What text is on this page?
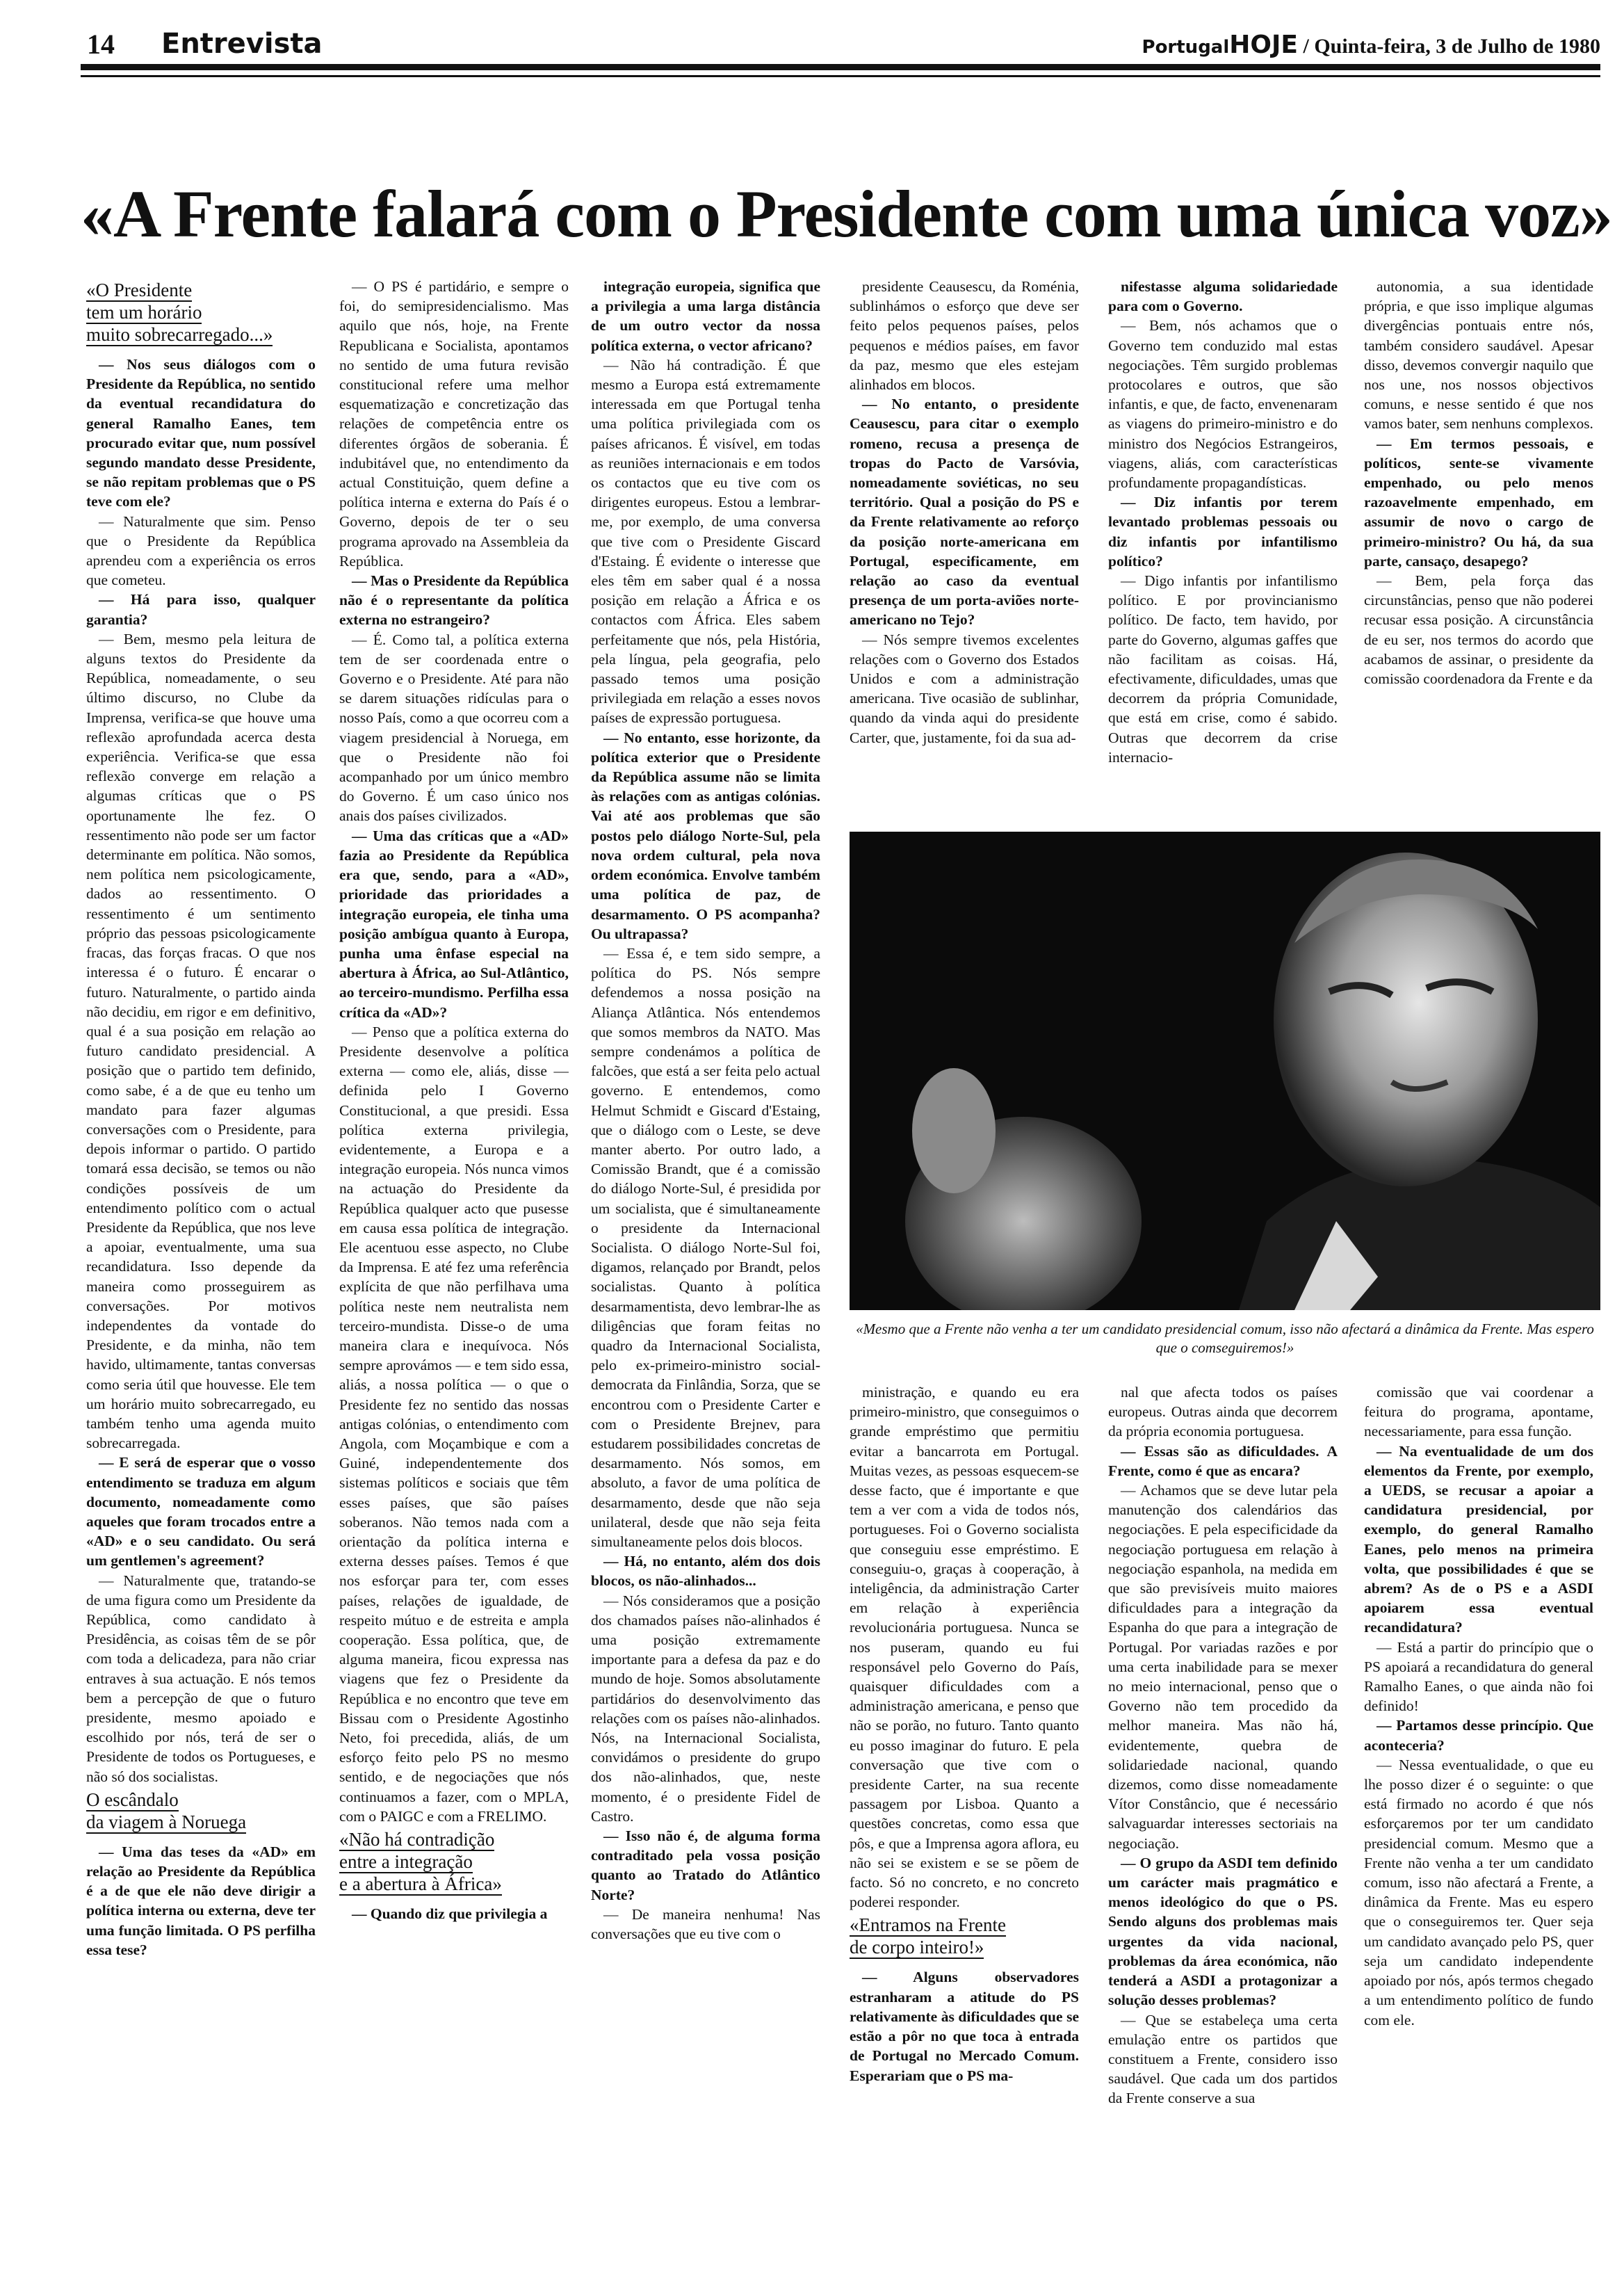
14 Entrevista	PortugalHOJE / Quinta-feira, 3 de Julho de 1980
«A Frente falará com o Presidente com uma única voz»
«O Presidente
tem um horário
muito sobrecarregado...»

— Nos seus diálogos com o Presidente da República, no sentido da eventual recandidatura do general Ramalho Eanes, tem procurado evitar que, num possível segundo mandato desse Presidente, se não repitam problemas que o PS teve com ele?

— Naturalmente que sim. Penso que o Presidente da República aprendeu com a experiência os erros que cometeu.

— Há para isso, qualquer garantia?

— Bem, mesmo pela leitura de alguns textos do Presidente da República, nomeadamente, o seu último discurso, no Clube da Imprensa, verifica-se que houve uma reflexão aprofundada acerca desta experiência. Verifica-se que essa reflexão converge em relação a algumas críticas que o PS oportunamente lhe fez. O ressentimento não pode ser um factor determinante em política. Não somos, nem política nem psicologicamente, dados ao ressentimento. O ressentimento é um sentimento próprio das pessoas psicologicamente fracas, das forças fracas. O que nos interessa é o futuro. É encarar o futuro. Naturalmente, o partido ainda não decidiu, em rigor e em definitivo, qual é a sua posição em relação ao futuro candidato presidencial. A posição que o partido tem definido, como sabe, é a de que eu tenho um mandato para fazer algumas conversações com o Presidente, para depois informar o partido. O partido tomará essa decisão, se temos ou não condições possíveis de um entendimento político com o actual Presidente da República, que nos leve a apoiar, eventualmente, uma sua recandidatura. Isso depende da maneira como prosseguirem as conversações. Por motivos independentes da vontade do Presidente, e da minha, não tem havido, ultimamente, tantas conversas como seria útil que houvesse. Ele tem um horário muito sobrecarregado, eu também tenho uma agenda muito sobrecarregada.

— E será de esperar que o vosso entendimento se traduza em algum documento, nomeadamente como aqueles que foram trocados entre a «AD» e o seu candidato. Ou será um gentlemen's agreement?

— Naturalmente que, tratando-se de uma figura como um Presidente da República, como candidato à Presidência, as coisas têm de se pôr com toda a delicadeza, para não criar entraves à sua actuação. E nós temos bem a percepção de que o futuro presidente, mesmo apoiado e escolhido por nós, terá de ser o Presidente de todos os Portugueses, e não só dos socialistas.

O escândalo
da viagem à Noruega

— Uma das teses da «AD» em relação ao Presidente da República é a de que ele não deve dirigir a política interna ou externa, deve ter uma função limitada. O PS perfilha essa tese?

— O PS é partidário, e sempre o foi, do semipresidencialismo. Mas aquilo que nós, hoje, na Frente Republicana e Socialista, apontamos no sentido de uma futura revisão constitucional refere uma melhor esquematização e concretização das relações de competência entre os diferentes órgãos de soberania. É indubitável que, no entendimento da actual Constituição, quem define a política interna e externa do País é o Governo, depois de ter o seu programa aprovado na Assembleia da República.

— Mas o Presidente da República não é o representante da política externa no estrangeiro?

— É. Como tal, a política externa tem de ser coordenada entre o Governo e o Presidente. Até para não se darem situações ridículas para o nosso País, como a que ocorreu com a viagem presidencial à Noruega, em que o Presidente não foi acompanhado por um único membro do Governo. É um caso único nos anais dos países civilizados.

— Uma das críticas que a «AD» fazia ao Presidente da República era que, sendo, para a «AD», prioridade das prioridades a integração europeia, ele tinha uma posição ambígua quanto à Europa, punha uma ênfase especial na abertura à África, ao Sul-Atlântico, ao terceiro-mundismo. Perfilha essa crítica da «AD»?

— Penso que a política externa do Presidente desenvolve a política externa — como ele, aliás, disse — definida pelo I Governo Constitucional, a que presidi. Essa política externa privilegia, evidentemente, a Europa e a integração europeia. Nós nunca vimos na actuação do Presidente da República qualquer acto que pusesse em causa essa política de integração. Ele acentuou esse aspecto, no Clube da Imprensa. E até fez uma referência explícita de que não perfilhava uma política neste nem neutralista nem terceiro-mundista. Disse-o de uma maneira clara e inequívoca. Nós sempre aprovámos — e tem sido essa, aliás, a nossa política — o que o Presidente fez no sentido das nossas antigas colónias, o entendimento com Angola, com Moçambique e com a Guiné, independentemente dos sistemas políticos e sociais que têm esses países, que são países soberanos. Não temos nada com a orientação da política interna e externa desses países. Temos é que nos esforçar para ter, com esses países, relações de igualdade, de respeito mútuo e de estreita e ampla cooperação. Essa política, que, de alguma maneira, ficou expressa nas viagens que fez o Presidente da República e no encontro que teve em Bissau com o Presidente Agostinho Neto, foi precedida, aliás, de um esforço feito pelo PS no mesmo sentido, e de negociações que nós continuamos a fazer, com o MPLA, com o PAIGC e com a FRELIMO.

«Não há contradição
entre a integração
e a abertura à África»

— Quando diz que privilegia a

integração europeia, significa que a privilegia a uma larga distância de um outro vector da nossa política externa, o vector africano?

— Não há contradição. É que mesmo a Europa está extremamente interessada em que Portugal tenha uma política privilegiada com os países africanos. É visível, em todas as reuniões internacionais e em todos os contactos que eu tive com os dirigentes europeus. Estou a lembrar-me, por exemplo, de uma conversa que tive com o Presidente Giscard d'Estaing. É evidente o interesse que eles têm em saber qual é a nossa posição em relação a África e os contactos com África. Eles sabem perfeitamente que nós, pela História, pela língua, pela geografia, pelo passado temos uma posição privilegiada em relação a esses novos países de expressão portuguesa.

— No entanto, esse horizonte, da política exterior que o Presidente da República assume não se limita às relações com as antigas colónias. Vai até aos problemas que são postos pelo diálogo Norte-Sul, pela nova ordem cultural, pela nova ordem económica. Envolve também uma política de paz, de desarmamento. O PS acompanha? Ou ultrapassa?

— Essa é, e tem sido sempre, a política do PS. Nós sempre defendemos a nossa posição na Aliança Atlântica. Nós entendemos que somos membros da NATO. Mas sempre condenámos a política de falcões, que está a ser feita pelo actual governo. E entendemos, como Helmut Schmidt e Giscard d'Estaing, que o diálogo com o Leste, se deve manter aberto. Por outro lado, a Comissão Brandt, que é a comissão do diálogo Norte-Sul, é presidida por um socialista, que é simultaneamente o presidente da Internacional Socialista. O diálogo Norte-Sul foi, digamos, relançado por Brandt, pelos socialistas. Quanto à política desarmamentista, devo lembrar-lhe as diligências que foram feitas no quadro da Internacional Socialista, pelo ex-primeiro-ministro social-democrata da Finlândia, Sorza, que se encontrou com o Presidente Carter e com o Presidente Brejnev, para estudarem possibilidades concretas de desarmamento. Nós somos, em absoluto, a favor de uma política de desarmamento, desde que não seja unilateral, desde que não seja feita simultaneamente pelos dois blocos.

— Há, no entanto, além dos dois blocos, os não-alinhados...

— Nós consideramos que a posição dos chamados países não-alinhados é uma posição extremamente importante para a defesa da paz e do mundo de hoje. Somos absolutamente partidários do desenvolvimento das relações com os países não-alinhados. Nós, na Internacional Socialista, convidámos o presidente do grupo dos não-alinhados, que, neste momento, é o presidente Fidel de Castro.

— Isso não é, de alguma forma contraditado pela vossa posição quanto ao Tratado do Atlântico Norte?

— De maneira nenhuma! Nas conversações que eu tive com o

presidente Ceausescu, da Roménia, sublinhámos o esforço que deve ser feito pelos pequenos países, pelos pequenos e médios países, em favor da paz, mesmo que eles estejam alinhados em blocos.

— No entanto, o presidente Ceausescu, para citar o exemplo romeno, recusa a presença de tropas do Pacto de Varsóvia, nomeadamente soviéticas, no seu território. Qual a posição do PS e da Frente relativamente ao reforço da posição norte-americana em Portugal, especificamente, em relação ao caso da eventual presença de um porta-aviões norte-americano no Tejo?

— Nós sempre tivemos excelentes relações com o Governo dos Estados Unidos e com a administração americana. Tive ocasião de sublinhar, quando da vinda aqui do presidente Carter, que, justamente, foi da sua ad-

nifestasse alguma solidariedade para com o Governo.

— Bem, nós achamos que o Governo tem conduzido mal estas negociações. Têm surgido problemas protocolares e outros, que são infantis, e que, de facto, envenenaram as viagens do primeiro-ministro e do ministro dos Negócios Estrangeiros, viagens, aliás, com características profundamente propagandísticas.

— Diz infantis por terem levantado problemas pessoais ou diz infantis por infantilismo político?

— Digo infantis por infantilismo político. E por provincianismo político. De facto, tem havido, por parte do Governo, algumas gaffes que não facilitam as coisas. Há, efectivamente, dificuldades, umas que decorrem da própria Comunidade, que está em crise, como é sabido. Outras que decorrem da crise internacio-

autonomia, a sua identidade própria, e que isso implique algumas divergências pontuais entre nós, também considero saudável. Apesar disso, devemos convergir naquilo que nos une, nos nossos objectivos comuns, e nesse sentido é que nos vamos bater, sem nenhuns complexos.

— Em termos pessoais, e políticos, sente-se vivamente empenhado, ou pelo menos razoavelmente empenhado, em assumir de novo o cargo de primeiro-ministro? Ou há, da sua parte, cansaço, desapego?

— Bem, pela força das circunstâncias, penso que não poderei recusar essa posição. A circunstância de eu ser, nos termos do acordo que acabamos de assinar, o presidente da comissão coordenadora da Frente e da

«Mesmo que a Frente não venha a ter um candidato presidencial comum, isso não afectará a dinâmica da Frente. Mas espero que o comseguiremos!»

ministração, e quando eu era primeiro-ministro, que conseguimos o grande empréstimo que permitiu evitar a bancarrota em Portugal. Muitas vezes, as pessoas esquecem-se desse facto, que é importante e que tem a ver com a vida de todos nós, portugueses. Foi o Governo socialista que conseguiu esse empréstimo. E conseguiu-o, graças à cooperação, à inteligência, da administração Carter em relação à experiência revolucionária portuguesa. Nunca se nos puseram, quando eu fui responsável pelo Governo do País, quaisquer dificuldades com a administração americana, e penso que não se porão, no futuro. Tanto quanto eu posso imaginar do futuro. E pela conversação que tive com o presidente Carter, na sua recente passagem por Lisboa. Quanto a questões concretas, como essa que pôs, e que a Imprensa agora aflora, eu não sei se existem e se se põem de facto. Só no concreto, e no concreto poderei responder.

«Entramos na Frente
de corpo inteiro!»

— Alguns observadores estranharam a atitude do PS relativamente às dificuldades que se estão a pôr no que toca à entrada de Portugal no Mercado Comum. Esperariam que o PS ma-

nal que afecta todos os países europeus. Outras ainda que decorrem da própria economia portuguesa.

— Essas são as dificuldades. A Frente, como é que as encara?

— Achamos que se deve lutar pela manutenção dos calendários das negociações. E pela especificidade da negociação portuguesa em relação à negociação espanhola, na medida em que são previsíveis muito maiores dificuldades para a integração da Espanha do que para a integração de Portugal. Por variadas razões e por uma certa inabilidade para se mexer no meio internacional, penso que o Governo não tem procedido da melhor maneira. Mas não há, evidentemente, quebra de solidariedade nacional, quando dizemos, como disse nomeadamente Vítor Constâncio, que é necessário salvaguardar interesses sectoriais na negociação.

— O grupo da ASDI tem definido um carácter mais pragmático e menos ideológico do que o PS. Sendo alguns dos problemas mais urgentes da vida nacional, problemas da área económica, não tenderá a ASDI a protagonizar a solução desses problemas?

— Que se estabeleça uma certa emulação entre os partidos que constituem a Frente, considero isso saudável. Que cada um dos partidos da Frente conserve a sua

comissão que vai coordenar a feitura do programa, apontame, necessariamente, para essa função.

— Na eventualidade de um dos elementos da Frente, por exemplo, a UEDS, se recusar a apoiar a candidatura presidencial, por exemplo, do general Ramalho Eanes, pelo menos na primeira volta, que possibilidades é que se abrem? As de o PS e a ASDI apoiarem essa eventual recandidatura?

— Está a partir do princípio que o PS apoiará a recandidatura do general Ramalho Eanes, o que ainda não foi definido!

— Partamos desse princípio. Que aconteceria?

— Nessa eventualidade, o que eu lhe posso dizer é o seguinte: o que está firmado no acordo é que nós esforçaremos por ter um candidato presidencial comum. Mesmo que a Frente não venha a ter um candidato comum, isso não afectará a Frente, a dinâmica da Frente. Mas eu espero que o conseguiremos ter. Quer seja um candidato avançado pelo PS, quer seja um candidato independente apoiado por nós, após termos chegado a um entendimento político de fundo com ele.
